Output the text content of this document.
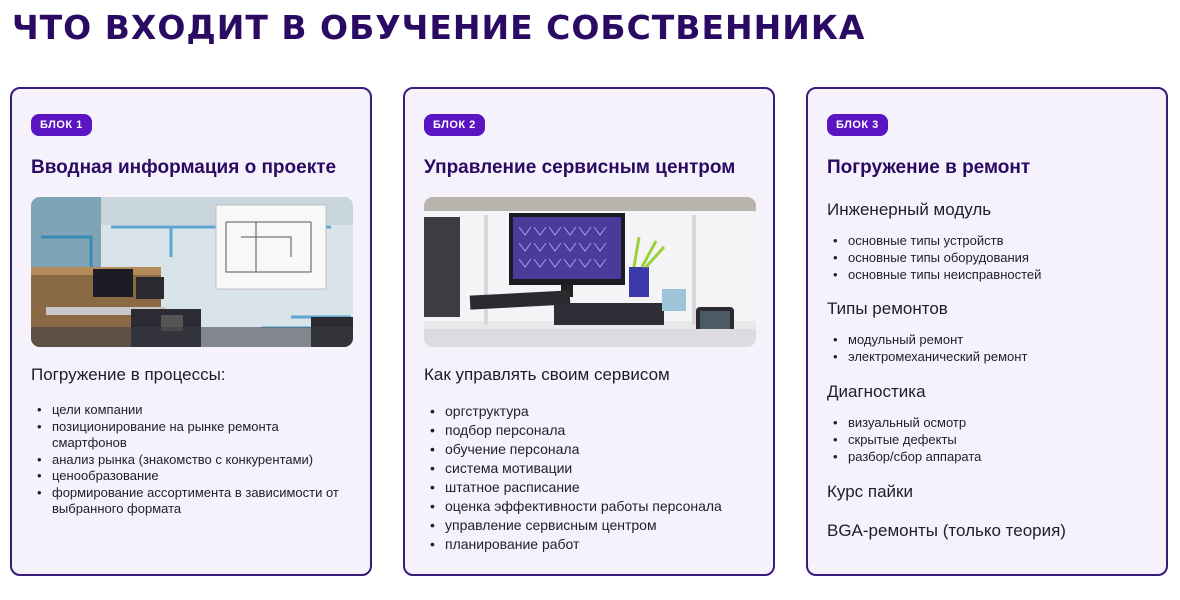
ЧТО ВХОДИТ В ОБУЧЕНИЕ СОБСТВЕННИКА
БЛОК 1
Вводная информация о проекте
Погружение в процессы:
• цели компании
• позиционирование на рынке ремонта смартфонов
• анализ рынка (знакомство с конкурентами)
• ценообразование
• формирование ассортимента в зависимости от выбранного формата
БЛОК 2
Управление сервисным центром
Как управлять своим сервисом
• оргструктура
• подбор персонала
• обучение персонала
• система мотивации
• штатное расписание
• оценка эффективности работы персонала
• управление сервисным центром
• планирование работ
БЛОК 3
Погружение в ремонт
Инженерный модуль
• основные типы устройств
• основные типы оборудования
• основные типы неисправностей
Типы ремонтов
• модульный ремонт
• электромеханический ремонт
Диагностика
• визуальный осмотр
• скрытые дефекты
• разбор/сбор аппарата
Курс пайки
BGA-ремонты (только теория)
